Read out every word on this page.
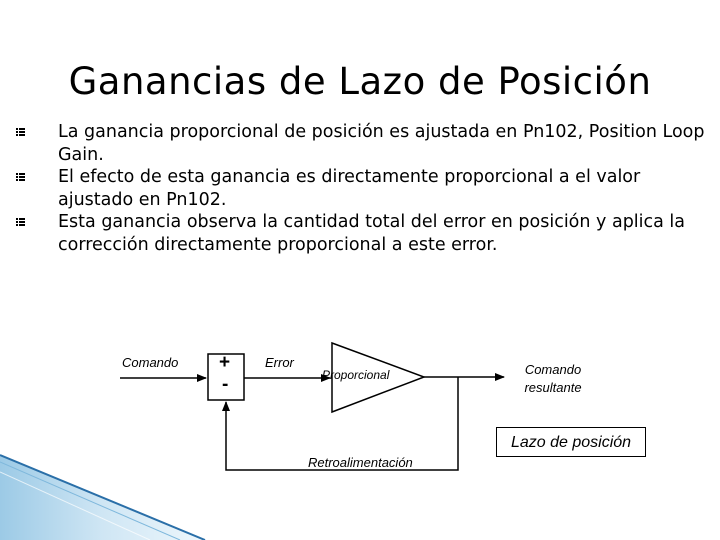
Ganancias de Lazo de Posición
La ganancia proporcional de posición es ajustada en Pn102, Position Loop Gain.
El efecto de esta ganancia es directamente proporcional a el valor ajustado en Pn102.
Esta ganancia observa la cantidad total del error en posición y aplica la corrección directamente proporcional a este error.
Comando +
-
Error
Proporcional	Comando resultante
Retroalimentación
Lazo de posición
